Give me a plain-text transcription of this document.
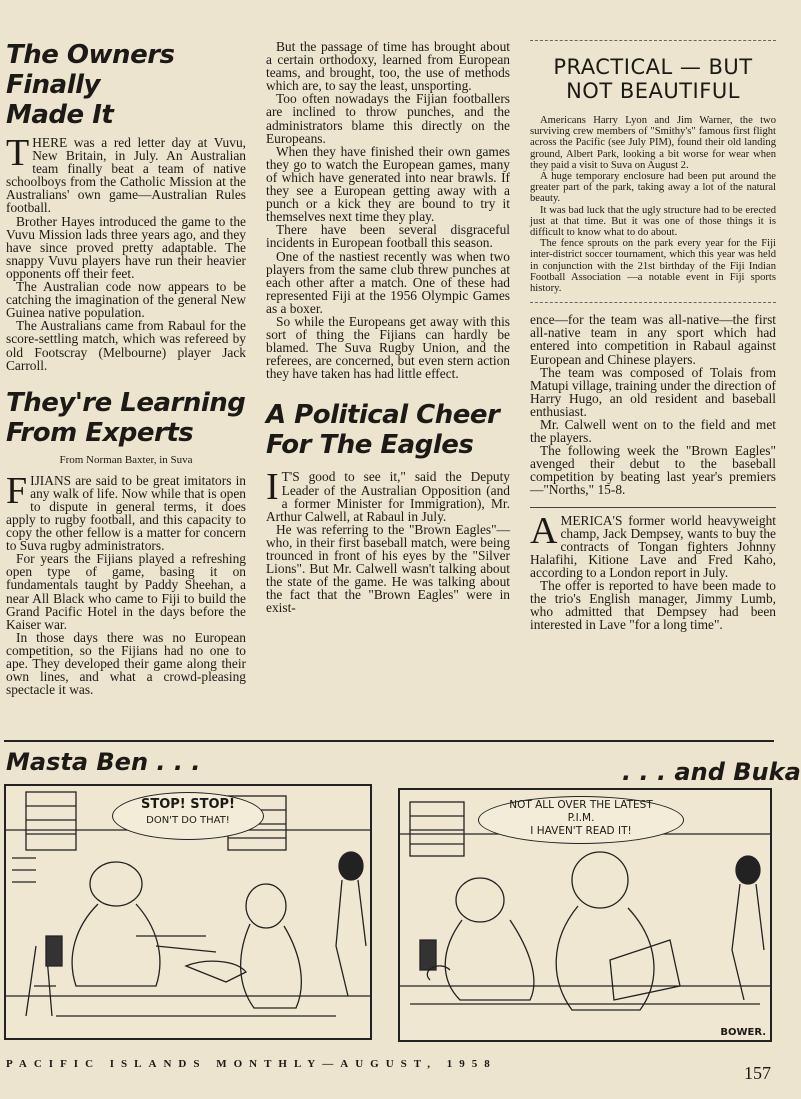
The Owners Finally
Made It

THERE was a red letter day at Vuvu, New Britain, in July. An Australian team finally beat a team of native schoolboys from the Catholic Mission at the Australians' own game—Australian Rules football.

Brother Hayes introduced the game to the Vuvu Mission lads three years ago, and they have since proved pretty adaptable. The snappy Vuvu players have run their heavier opponents off their feet.

The Australian code now appears to be catching the imagination of the general New Guinea native population.

The Australians came from Rabaul for the score-settling match, which was refereed by old Footscray (Melbourne) player Jack Carroll.

They're Learning
From Experts
From Norman Baxter, in Suva

FIJIANS are said to be great imitators in any walk of life. Now while that is open to dispute in general terms, it does apply to rugby football, and this capacity to copy the other fellow is a matter for concern to Suva rugby administrators.

For years the Fijians played a refreshing open type of game, basing it on fundamentals taught by Paddy Sheehan, a near All Black who came to Fiji to build the Grand Pacific Hotel in the days before the Kaiser war.

In those days there was no European competition, so the Fijians had no one to ape. They developed their game along their own lines, and what a crowd-pleasing spectacle it was.

But the passage of time has brought about a certain orthodoxy, learned from European teams, and brought, too, the use of methods which are, to say the least, unsporting.

Too often nowadays the Fijian footballers are inclined to throw punches, and the administrators blame this directly on the Europeans.

When they have finished their own games they go to watch the European games, many of which have generated into near brawls. If they see a European getting away with a punch or a kick they are bound to try it themselves next time they play.

There have been several disgraceful incidents in European football this season.

One of the nastiest recently was when two players from the same club threw punches at each other after a match. One of these had represented Fiji at the 1956 Olympic Games as a boxer.

So while the Europeans get away with this sort of thing the Fijians can hardly be blamed. The Suva Rugby Union, and the referees, are concerned, but even stern action they have taken has had little effect.

A Political Cheer
For The Eagles

I T'S good to see it," said the Deputy Leader of the Australian Opposition (and a former Minister for Immigration), Mr. Arthur Calwell, at Rabaul in July.

He was referring to the "Brown Eagles"—who, in their first baseball match, were being trounced in front of his eyes by the "Silver Lions". But Mr. Calwell wasn't talking about the state of the game. He was talking about the fact that the "Brown Eagles" were in exist-

PRACTICAL — BUT
NOT BEAUTIFUL

Americans Harry Lyon and Jim Warner, the two surviving crew members of "Smithy's" famous first flight across the Pacific (see July PIM), found their old landing ground, Albert Park, looking a bit worse for wear when they paid a visit to Suva on August 2.

A huge temporary enclosure had been put around the greater part of the park, taking away a lot of the natural beauty.

It was bad luck that the ugly structure had to be erected just at that time. But it was one of those things it is difficult to know what to do about.

The fence sprouts on the park every year for the Fiji inter-district soccer tournament, which this year was held in conjunction with the 21st birthday of the Fiji Indian Football Association —a notable event in Fiji sports history.

ence—for the team was all-native—the first all-native team in any sport which had entered into competition in Rabaul against European and Chinese players.

The team was composed of Tolais from Matupi village, training under the direction of Harry Hugo, an old resident and baseball enthusiast.

Mr. Calwell went on to the field and met the players.

The following week the "Brown Eagles" avenged their debut to the baseball competition by beating last year's premiers—"Norths," 15-8.

AMERICA'S former world heavyweight champ, Jack Dempsey, wants to buy the contracts of Tongan fighters Johnny Halafihi, Kitione Lave and Fred Kaho, according to a London report in July.

The offer is reported to have been made to the trio's English manager, Jimmy Lumb, who admitted that Dempsey had been interested in Lave "for a long time".

Masta Ben . . .	. . . and Buka
STOP! STOP!
DON'T DO THAT!
NOT ALL OVER THE LATEST
P.I.M.
I HAVEN'T READ IT!
BOWER.
PACIFIC ISLANDS MONTHLY—AUGUST, 1958	157
